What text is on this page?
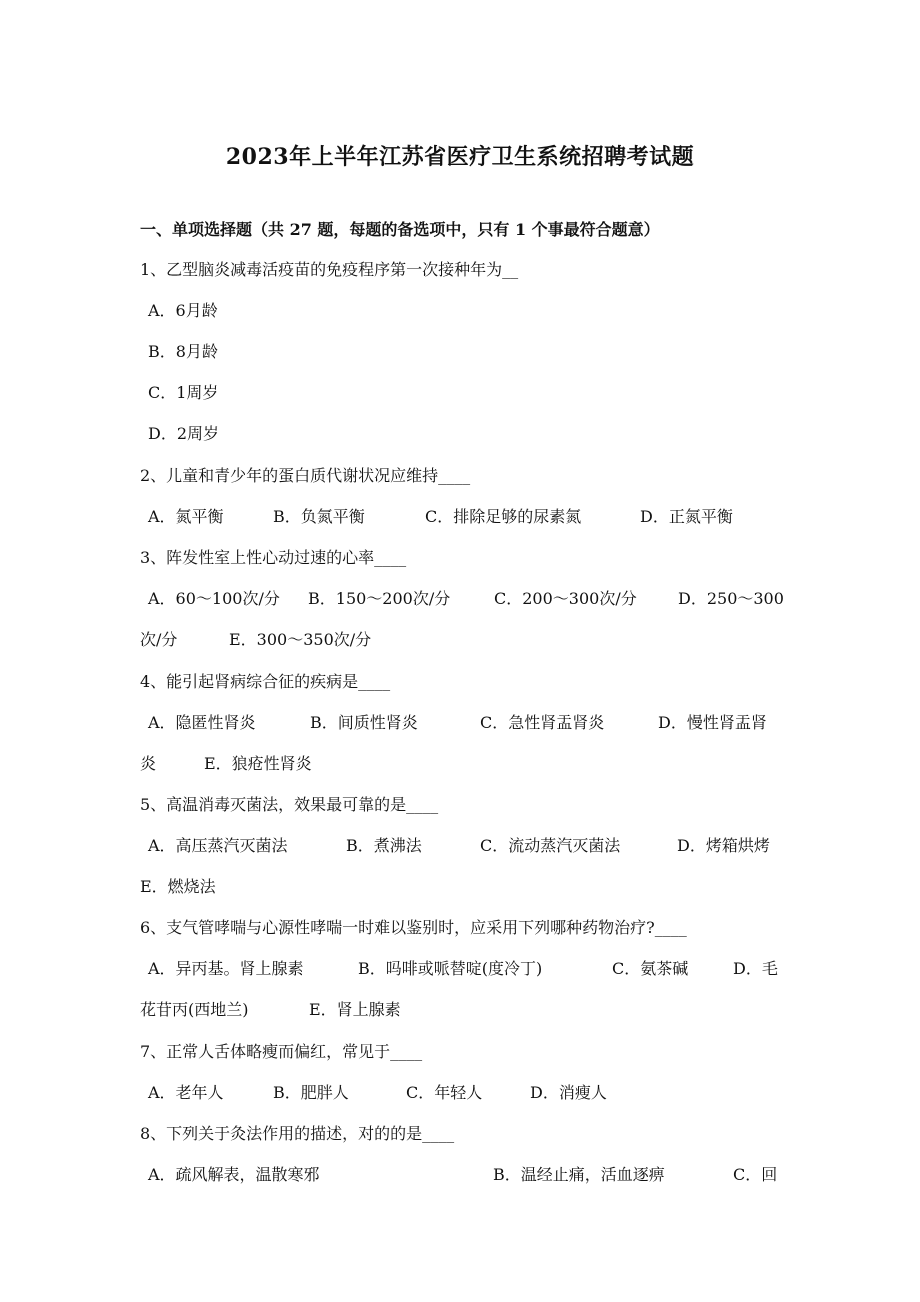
2023年上半年江苏省医疗卫生系统招聘考试题
一、单项选择题（共 27 题，每题的备选项中，只有 1 个事最符合题意）
1、乙型脑炎减毒活疫苗的免疫程序第一次接种年为__
A．6月龄
B．8月龄
C．1周岁
D．2周岁
2、儿童和青少年的蛋白质代谢状况应维持____
A．氮平衡	B．负氮平衡	C．排除足够的尿素氮	D．正氮平衡
3、阵发性室上性心动过速的心率____
A．60～100次/分 B．150～200次/分	C．200～300次/分	D．250～300
次/分	E．300～350次/分
4、能引起肾病综合征的疾病是____
A．隐匿性肾炎	B．间质性肾炎	C．急性肾盂肾炎	D．慢性肾盂肾
炎	E．狼疮性肾炎
5、高温消毒灭菌法，效果最可靠的是____
A．高压蒸汽灭菌法	B．煮沸法	C．流动蒸汽灭菌法	D．烤箱烘烤
E．燃烧法
6、支气管哮喘与心源性哮喘一时难以鉴别时，应采用下列哪种药物治疗?____
A．异丙基。肾上腺素	B．吗啡或哌替啶(度冷丁)	C．氨茶碱	D．毛
花苷丙(西地兰)	E．肾上腺素
7、正常人舌体略瘦而偏红，常见于____
A．老年人	B．肥胖人	C．年轻人	D．消瘦人
8、下列关于灸法作用的描述，对的的是____
A．疏风解表，温散寒邪	B．温经止痛，活血逐痹	C．回
